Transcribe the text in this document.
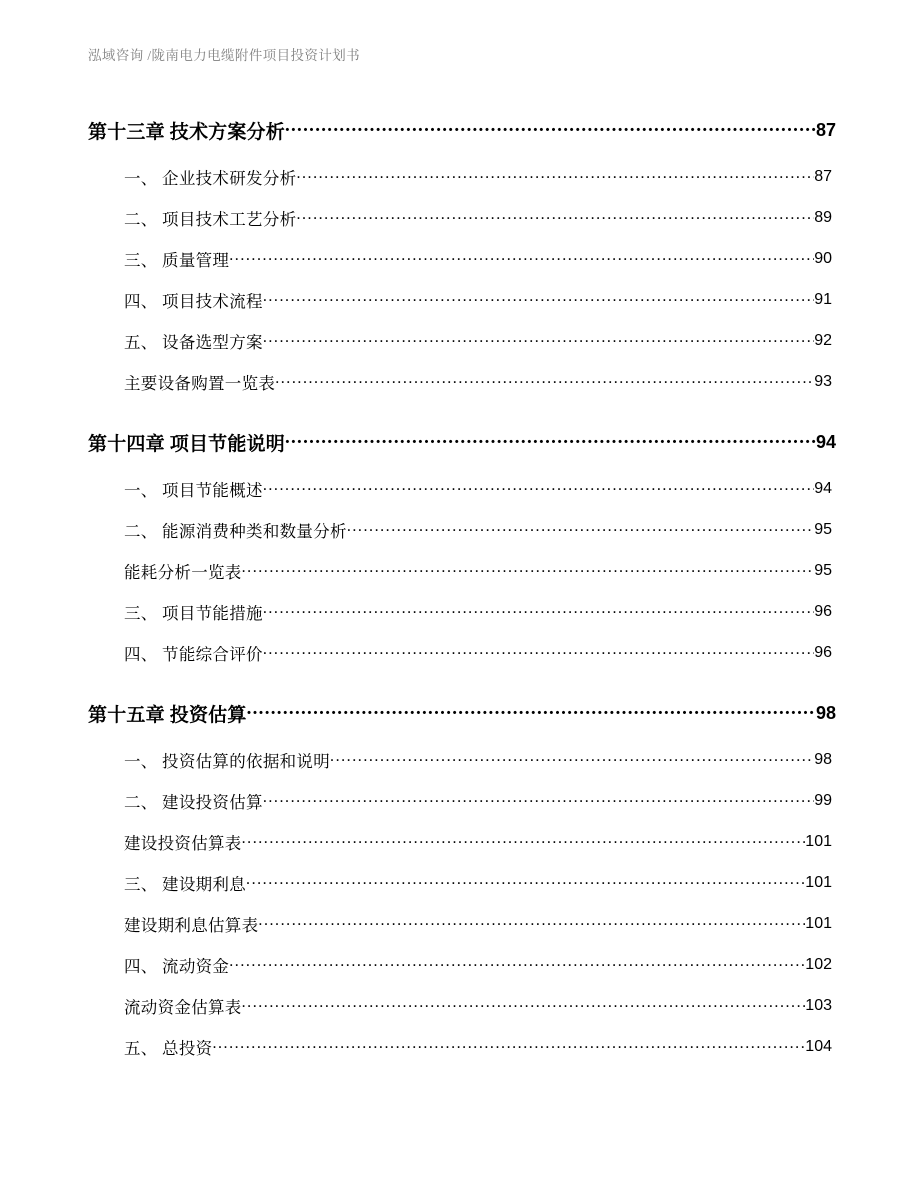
泓域咨询 /陇南电力电缆附件项目投资计划书
第十三章 技术方案分析 .....	87
一、 企业技术研发分析 .....	87
二、 项目技术工艺分析 .....	89
三、 质量管理 .....	90
四、 项目技术流程 .....	91
五、 设备选型方案 .....	92
主要设备购置一览表 .....	93
第十四章 项目节能说明 .....	94
一、 项目节能概述 .....	94
二、 能源消费种类和数量分析 .....	95
能耗分析一览表 .....	95
三、 项目节能措施 .....	96
四、 节能综合评价 .....	96
第十五章 投资估算 .....	98
一、 投资估算的依据和说明 .....	98
二、 建设投资估算 .....	99
建设投资估算表 .....	101
三、 建设期利息 .....	101
建设期利息估算表 .....	101
四、 流动资金 .....	102
流动资金估算表 .....	103
五、 总投资 .....	104
